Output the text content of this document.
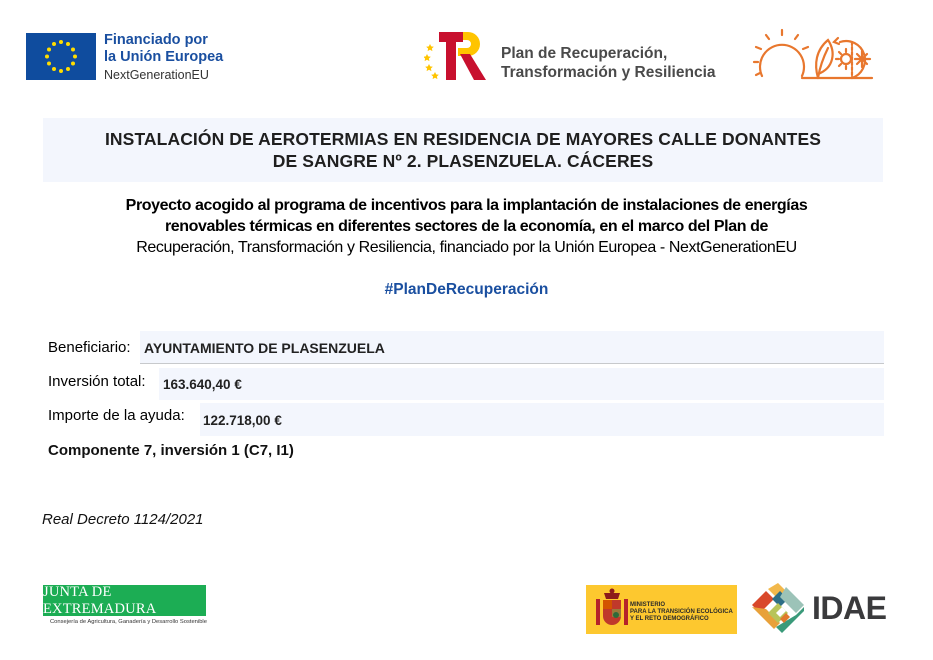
Financiado por
la Unión Europea
NextGenerationEU
Plan de Recuperación,
Transformación y Resiliencia
INSTALACIÓN DE AEROTERMIAS EN RESIDENCIA DE MAYORES CALLE DONANTES
DE SANGRE Nº 2. PLASENZUELA. CÁCERES
Proyecto acogido al programa de incentivos para la implantación de instalaciones de energías
renovables térmicas en diferentes sectores de la economía, en el marco del Plan de
Recuperación, Transformación y Resiliencia, financiado por la Unión Europea - NextGenerationEU
#PlanDeRecuperación
Beneficiario: AYUNTAMIENTO DE PLASENZUELA
Inversión total: 163.640,40 €
Importe de la ayuda: 122.718,00 €
Componente 7, inversión 1 (C7, I1)
Real Decreto 1124/2021
JUNTA DE EXTREMADURA
Consejería de Agricultura, Ganadería y Desarrollo Sostenible
MINISTERIO
PARA LA TRANSICIÓN ECOLÓGICA
Y EL RETO DEMOGRÁFICO	IDAE
